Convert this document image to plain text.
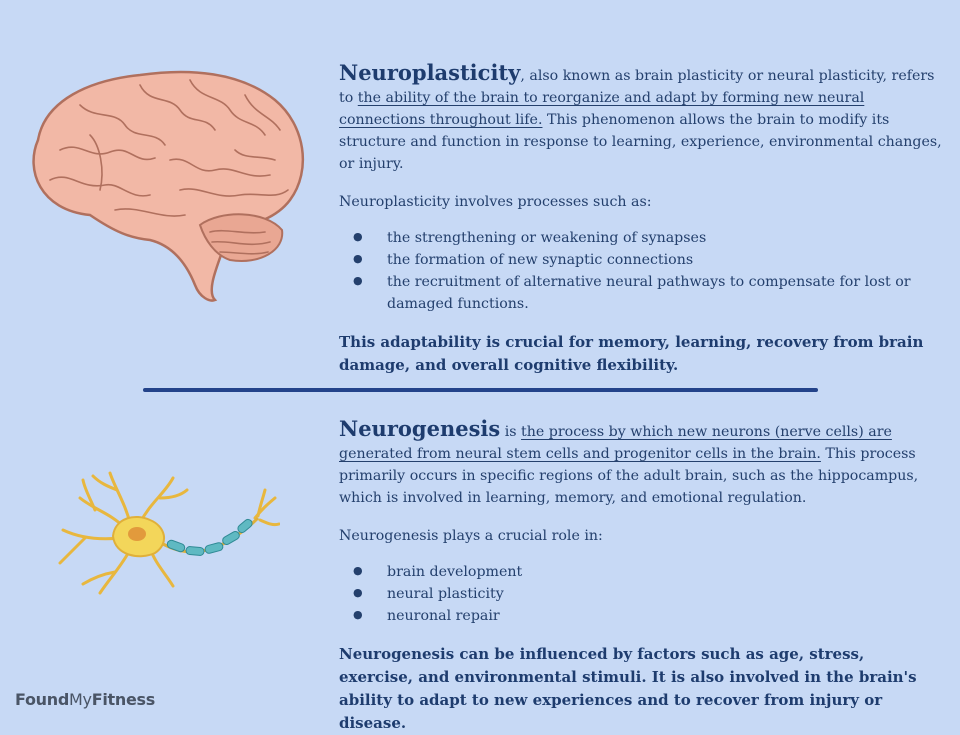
Neuroplasticity, also known as brain plasticity or neural plasticity, refers to the ability of the brain to reorganize and adapt by forming new neural connections throughout life. This phenomenon allows the brain to modify its structure and function in response to learning, experience, environmental changes, or injury.

Neuroplasticity involves processes such as:

● the strengthening or weakening of synapses
● the formation of new synaptic connections
● the recruitment of alternative neural pathways to compensate for lost or damaged functions.

This adaptability is crucial for memory, learning, recovery from brain damage, and overall cognitive flexibility.

Neurogenesis is the process by which new neurons (nerve cells) are generated from neural stem cells and progenitor cells in the brain. This process primarily occurs in specific regions of the adult brain, such as the hippocampus, which is involved in learning, memory, and emotional regulation.

Neurogenesis plays a crucial role in:

● brain development
● neural plasticity
● neuronal repair

Neurogenesis can be influenced by factors such as age, stress, exercise, and environmental stimuli. It is also involved in the brain's ability to adapt to new experiences and to recover from injury or disease.

FoundMyFitness
